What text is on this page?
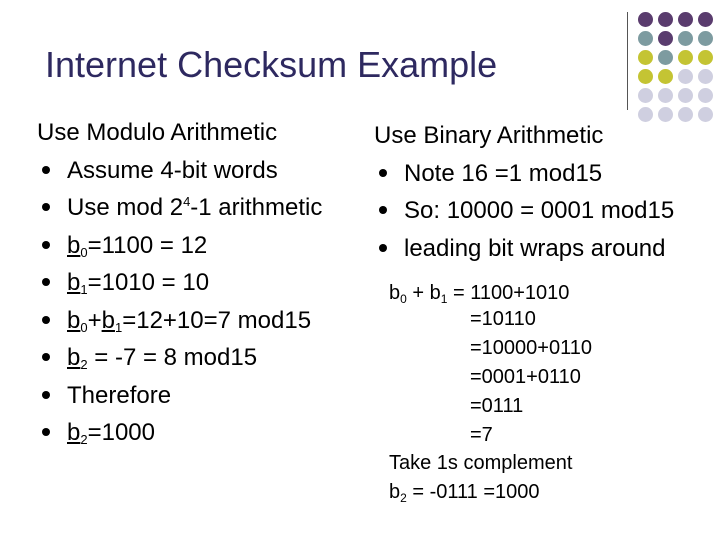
Internet Checksum Example
Use Modulo Arithmetic
Assume 4-bit words
Use mod $2^4-1$ arithmetic
$b_0=1100 = 12$
$b_1=1010 = 10$
$b_0+b_1=12+10=7$ mod15
$b_2 = -7 = 8$ mod15
Therefore
$b_2=1000$
Use Binary Arithmetic
Note 16 =1 mod15
So: 10000 = 0001 mod15
leading bit wraps around
$b_0 + b_1 = 1100+1010$
=10110
=10000+0110
=0001+0110
=0111
=7
Take 1s complement
$b_2 = -0111 =1000$
